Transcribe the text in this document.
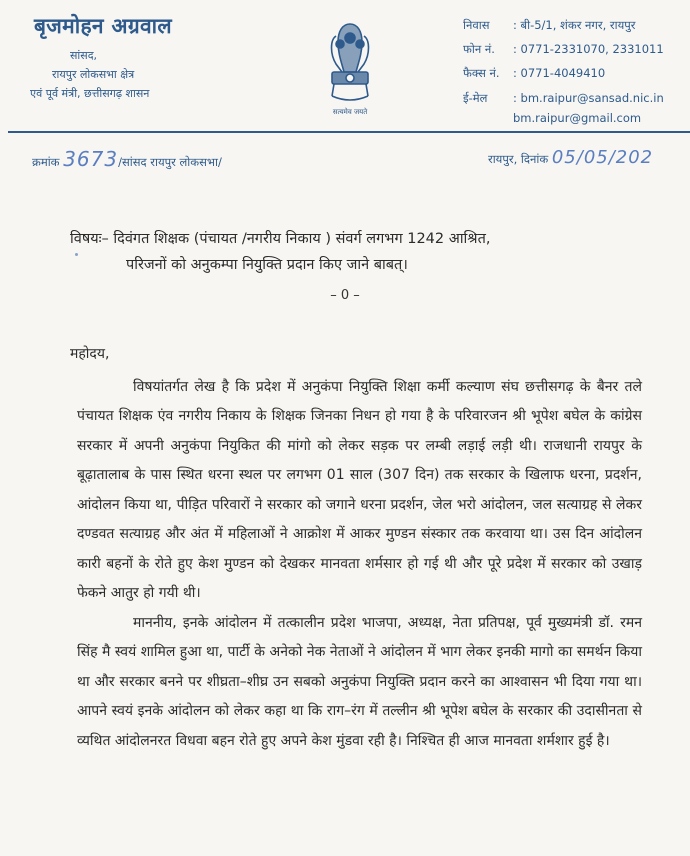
बृजमोहन अग्रवाल
सांसद,
रायपुर लोकसभा क्षेत्र
एवं पूर्व मंत्री, छत्तीसगढ़ शासन
सत्यमेव जयते
निवास : बी-5/1, शंकर नगर, रायपुर
फोन नं. : 0771-2331070, 2331011
फैक्स नं. : 0771-4049410
ई-मेल : bm.raipur@sansad.nic.in
bm.raipur@gmail.com
क्रमांक 3673/सांसद रायपुर लोकसभा/	रायपुर, दिनांक 05/05/202
विषयः– दिवंगत शिक्षक (पंचायत /नगरीय निकाय ) संवर्ग लगभग 1242 आश्रित,
परिजनों को अनुकम्पा नियुक्ति प्रदान किए जाने बाबत्।
– 0 –

महोदय,

विषयांतर्गत लेख है कि प्रदेश में अनुकंपा नियुक्ति शिक्षा कर्मी कल्याण संघ छत्तीसगढ़ के बैनर तले पंचायत शिक्षक एंव नगरीय निकाय के शिक्षक जिनका निधन हो गया है के परिवारजन श्री भूपेश बघेल के कांग्रेस सरकार में अपनी अनुकंपा नियुकित की मांगो को लेकर सड़क पर लम्बी लड़ाई लड़ी थी। राजधानी रायपुर के बूढ़ातालाब के पास स्थित धरना स्थल पर लगभग 01 साल (307 दिन) तक सरकार के खिलाफ धरना, प्रदर्शन, आंदोलन किया था, पीड़ित परिवारों ने सरकार को जगाने धरना प्रदर्शन, जेल भरो आंदोलन, जल सत्याग्रह से लेकर दण्डवत सत्याग्रह और अंत में महिलाओं ने आक्रोश में आकर मुण्डन संस्कार तक करवाया था। उस दिन आंदोलन कारी बहनों के रोते हुए केश मुण्डन को देखकर मानवता शर्मसार हो गई थी और पूरे प्रदेश में सरकार को उखाड़ फेकने आतुर हो गयी थी।

माननीय, इनके आंदोलन में तत्कालीन प्रदेश भाजपा, अध्यक्ष, नेता प्रतिपक्ष, पूर्व मुख्यमंत्री डॉ. रमन सिंह मै स्वयं शामिल हुआ था, पार्टी के अनेको नेक नेताओं ने आंदोलन में भाग लेकर इनकी मागो का समर्थन किया था और सरकार बनने पर शीघ्रता–शीघ्र उन सबको अनुकंपा नियुक्ति प्रदान करने का आश्वासन भी दिया गया था। आपने स्वयं इनके आंदोलन को लेकर कहा था कि राग–रंग में तल्लीन श्री भूपेश बघेल के सरकार की उदासीनता से व्यथित आंदोलनरत विधवा बहन रोते हुए अपने केश मुंडवा रही है। निश्चित ही आज मानवता शर्मशार हुई है।
